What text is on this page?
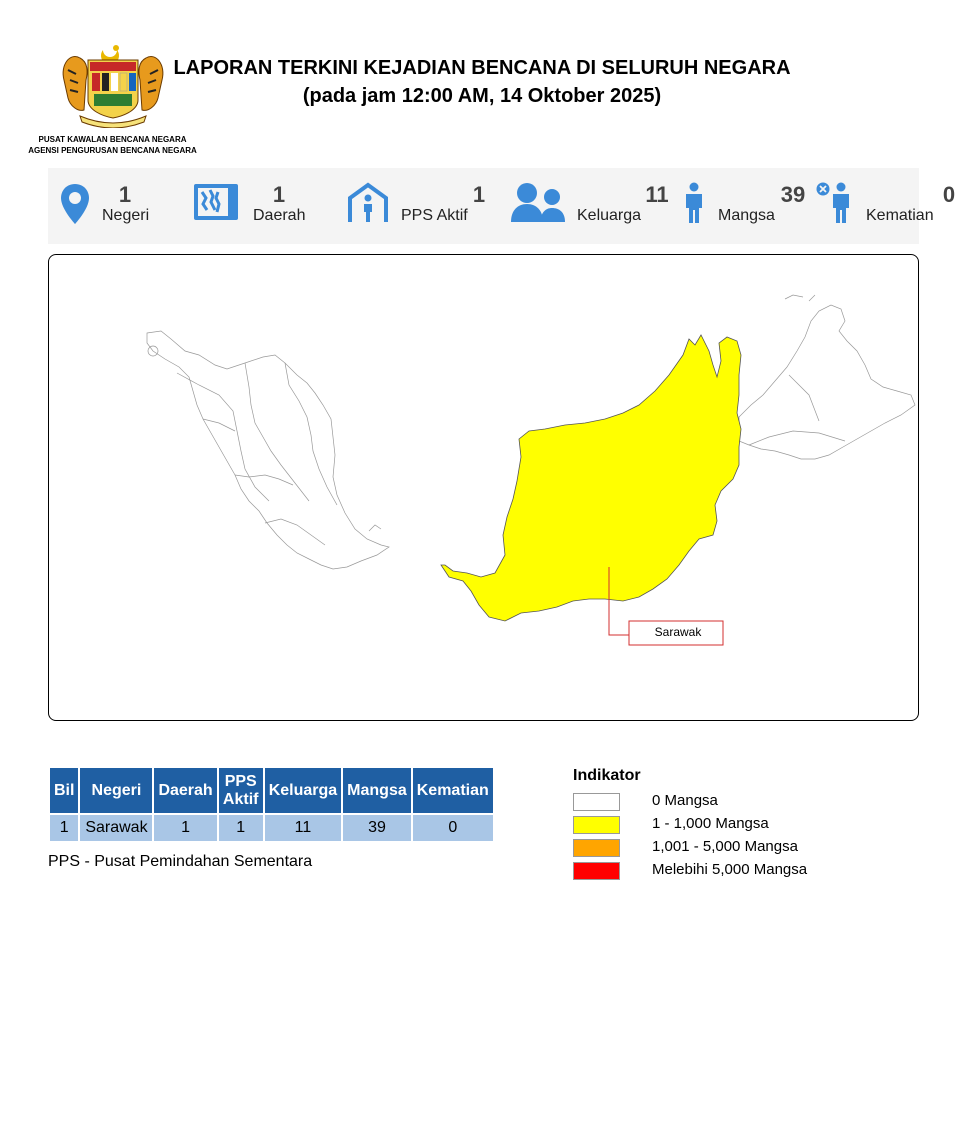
PUSAT KAWALAN BENCANA NEGARA
AGENSI PENGURUSAN BENCANA NEGARA
LAPORAN TERKINI KEJADIAN BENCANA DI SELURUH NEGARA
(pada jam 12:00 AM, 14 Oktober 2025)
1
Negeri
1
Daerah
1
PPS Aktif
11
Keluarga
39
Mangsa
0
Kematian
Sarawak
Bil	Negeri	Daerah	PPS Aktif	Keluarga	Mangsa	Kematian
1	Sarawak	1	1	11	39	0
PPS - Pusat Pemindahan Sementara
Indikator
0 Mangsa
1 - 1,000 Mangsa
1,001 - 5,000 Mangsa
Melebihi 5,000 Mangsa
